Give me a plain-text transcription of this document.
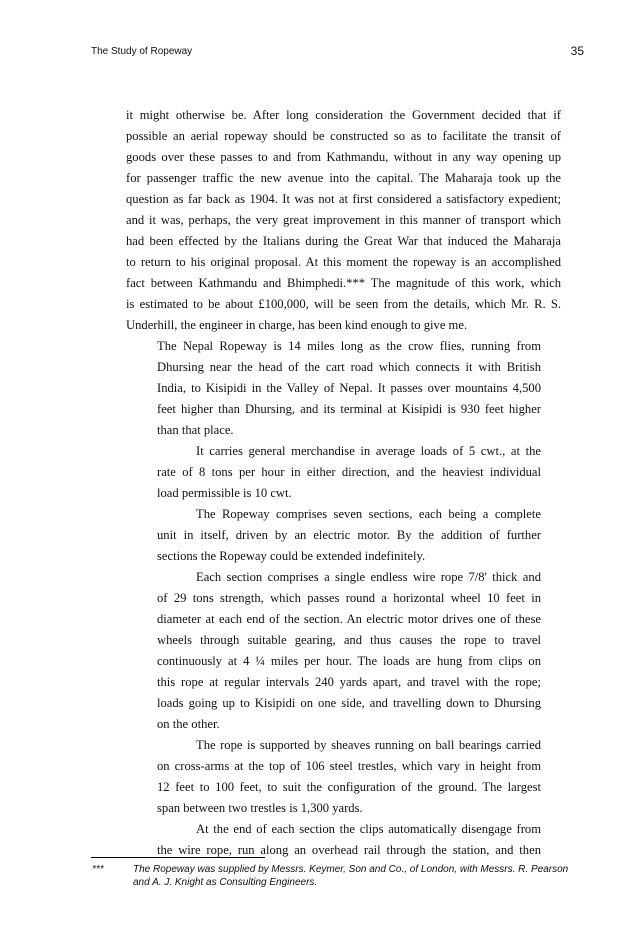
The Study of Ropeway	35
it might otherwise be. After long consideration the Government decided that if
possible an aerial ropeway should be constructed so as to facilitate the transit of
goods over these passes to and from Kathmandu, without in any way opening up
for passenger traffic the new avenue into the capital. The Maharaja took up the
question as far back as 1904. It was not at first considered a satisfactory expedient;
and it was, perhaps, the very great improvement in this manner of transport which
had been effected by the Italians during the Great War that induced the Maharaja
to return to his original proposal. At this moment the ropeway is an accomplished
fact between Kathmandu and Bhimphedi.*** The magnitude of this work, which
is estimated to be about £100,000, will be seen from the details, which Mr. R. S.
Underhill, the engineer in charge, has been kind enough to give me.
The Nepal Ropeway is 14 miles long as the crow flies, running from
Dhursing near the head of the cart road which connects it with British
India, to Kisipidi in the Valley of Nepal. It passes over mountains 4,500
feet higher than Dhursing, and its terminal at Kisipidi is 930 feet higher
than that place.
It carries general merchandise in average loads of 5 cwt., at the
rate of 8 tons per hour in either direction, and the heaviest individual
load permissible is 10 cwt.
The Ropeway comprises seven sections, each being a complete
unit in itself, driven by an electric motor. By the addition of further
sections the Ropeway could be extended indefinitely.
Each section comprises a single endless wire rope 7/8' thick and
of 29 tons strength, which passes round a horizontal wheel 10 feet in
diameter at each end of the section. An electric motor drives one of these
wheels through suitable gearing, and thus causes the rope to travel
continuously at 4 ¼ miles per hour. The loads are hung from clips on
this rope at regular intervals 240 yards apart, and travel with the rope;
loads going up to Kisipidi on one side, and travelling down to Dhursing
on the other.
The rope is supported by sheaves running on ball bearings carried
on cross-arms at the top of 106 steel trestles, which vary in height from
12 feet to 100 feet, to suit the configuration of the ground. The largest
span between two trestles is 1,300 yards.
At the end of each section the clips automatically disengage from
the wire rope, run along an overhead rail through the station, and then
***	The Ropeway was supplied by Messrs. Keymer, Son and Co., of London, with Messrs. R. Pearson
and A. J. Knight as Consulting Engineers.
